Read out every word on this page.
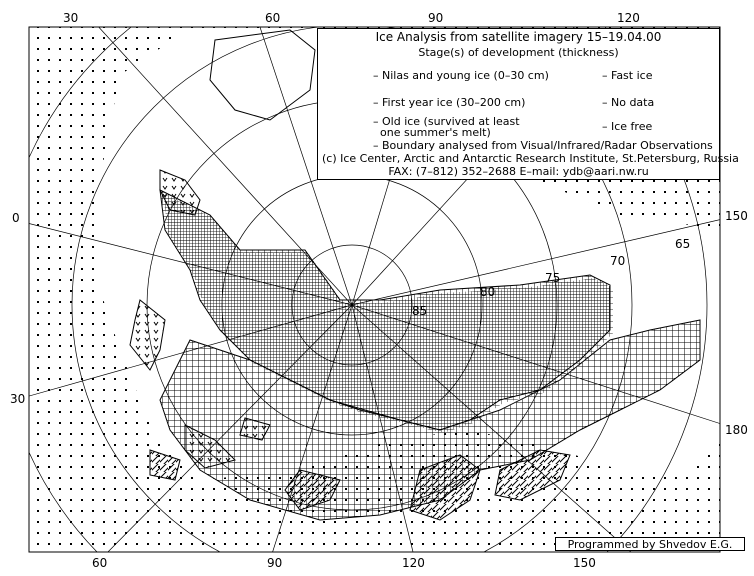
30	60	90	120
60	90	120	150
0
30
150
180
85
80
75
70
65
Ice Analysis from satellite imagery 15–19.04.00
Stage(s) of development (thickness)
– Nilas and young ice (0–30 cm)	– Fast ice
– First year ice (30–200 cm)	– No data
– Old ice (survived at least
one summer's melt)	– Ice free
– Boundary analysed from Visual/Infrared/Radar Observations
(c) Ice Center, Arctic and Antarctic Research Institute, St.Petersburg, Russia
FAX: (7–812) 352–2688 E–mail: ydb@aari.nw.ru
Programmed by Shvedov E.G.
